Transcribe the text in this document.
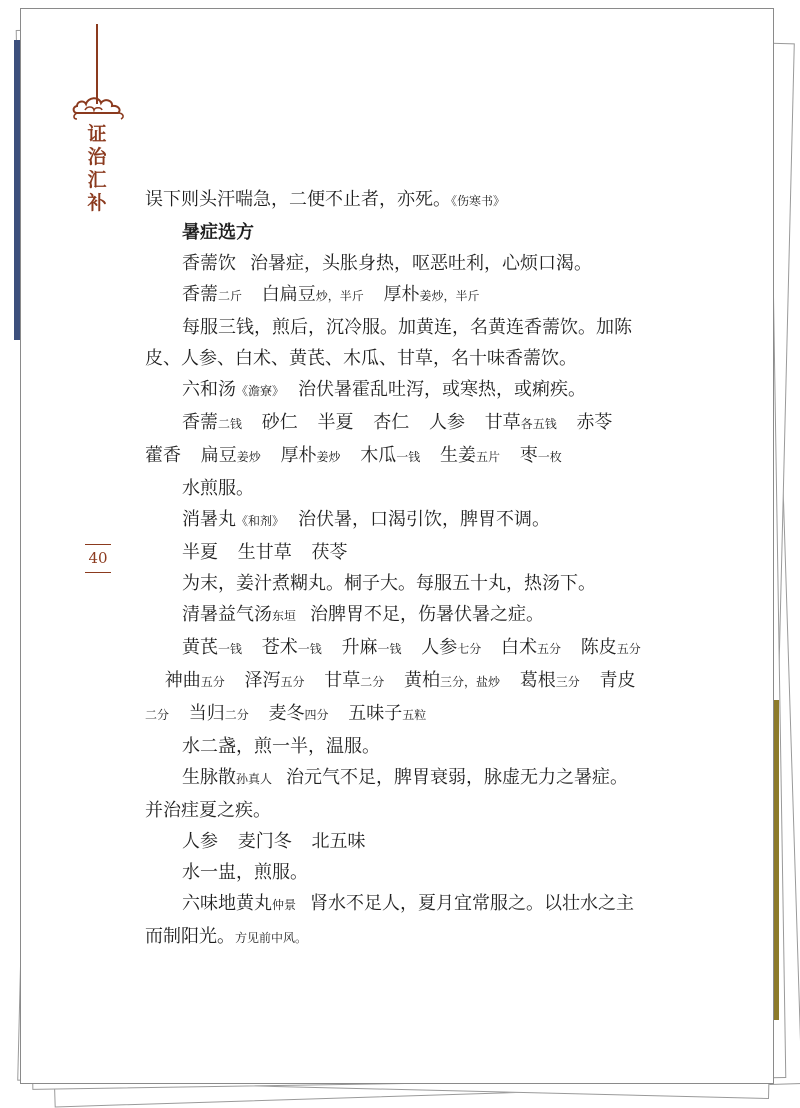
证
治
汇
补
40
误下则头汗喘急，二便不止者，亦死。《伤寒书》
暑症选方
香薷饮 治暑症，头胀身热，呕恶吐利，心烦口渴。
香薷二斤 白扁豆炒，半斤 厚朴姜炒，半斤
每服三钱，煎后，沉冷服。加黄连，名黄连香薷饮。加陈皮、人参、白术、黄芪、木瓜、甘草，名十味香薷饮。
六和汤《澹寮》 治伏暑霍乱吐泻，或寒热，或痢疾。
香薷二钱 砂仁 半夏 杏仁 人参 甘草各五钱 赤苓 藿香 扁豆姜炒 厚朴姜炒 木瓜一钱 生姜五片 枣一枚
水煎服。
消暑丸《和剂》 治伏暑，口渴引饮，脾胃不调。
半夏 生甘草 茯苓
为末，姜汁煮糊丸。桐子大。每服五十丸，热汤下。
清暑益气汤东垣 治脾胃不足，伤暑伏暑之症。
黄芪一钱 苍术一钱 升麻一钱 人参七分 白术五分 陈皮五分 神曲五分 泽泻五分 甘草二分 黄柏三分，盐炒 葛根三分 青皮二分 当归二分 麦冬四分 五味子五粒
水二盏，煎一半，温服。
生脉散孙真人 治元气不足，脾胃衰弱，脉虚无力之暑症。并治疰夏之疾。
人参 麦门冬 北五味
水一盅，煎服。
六味地黄丸仲景 肾水不足人，夏月宜常服之。以壮水之主而制阳光。方见前中风。
